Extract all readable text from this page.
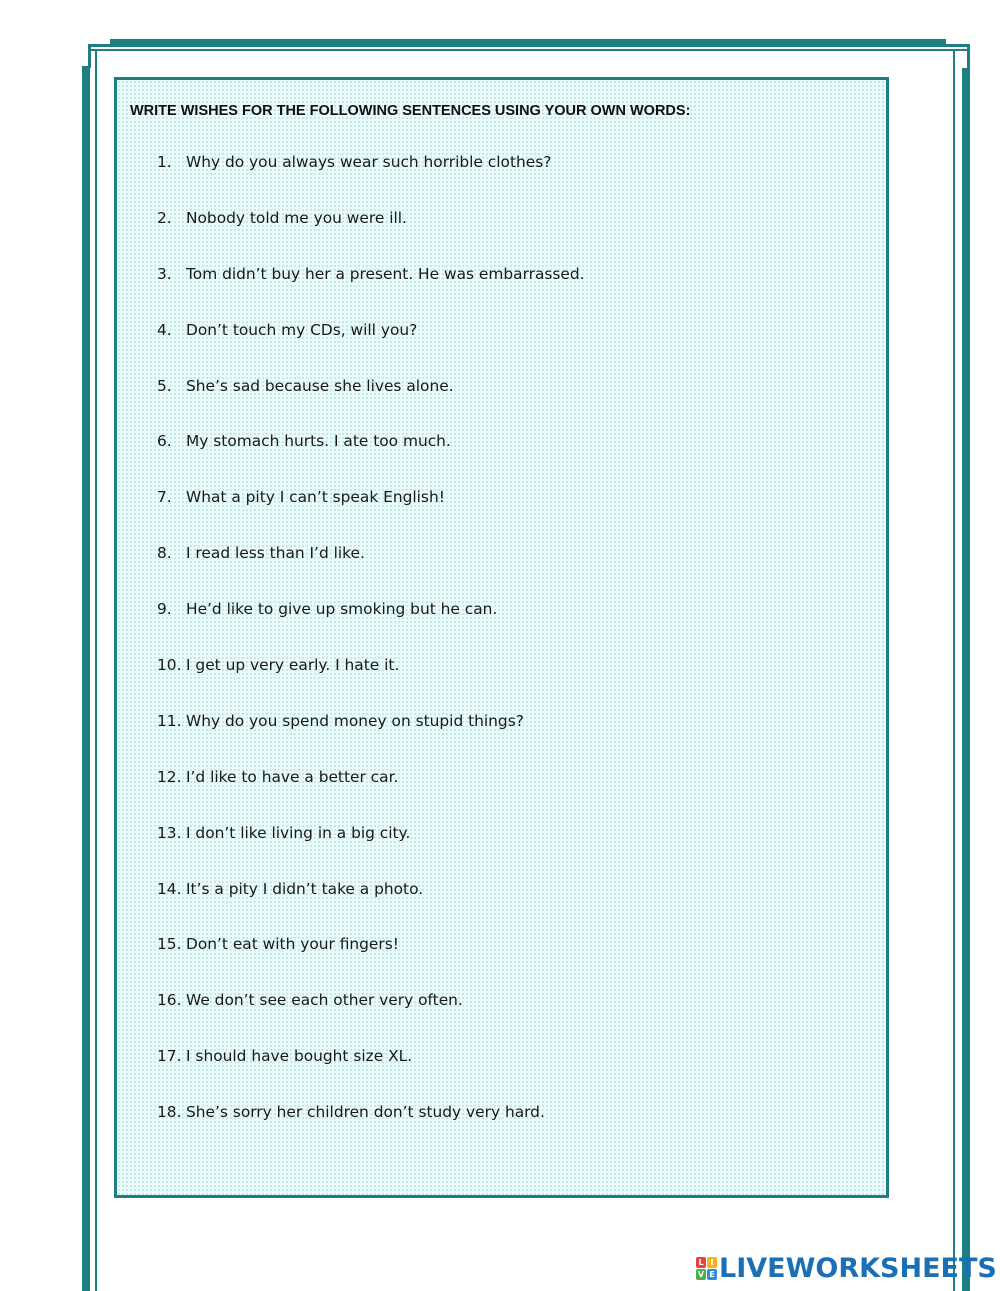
WRITE WISHES FOR THE FOLLOWING SENTENCES USING YOUR OWN WORDS:
1. Why do you always wear such horrible clothes?
2. Nobody told me you were ill.
3. Tom didn’t buy her a present. He was embarrassed.
4. Don’t touch my CDs, will you?
5. She’s sad because she lives alone.
6. My stomach hurts. I ate too much.
7. What a pity I can’t speak English!
8. I read less than I’d like.
9. He’d like to give up smoking but he can.
10. I get up very early. I hate it.
11. Why do you spend money on stupid things?
12. I’d like to have a better car.
13. I don’t like living in a big city.
14. It’s a pity I didn’t take a photo.
15. Don’t eat with your fingers!
16. We don’t see each other very often.
17. I should have bought size XL.
18. She’s sorry her children don’t study very hard.
L I
V E LIVEWORKSHEETS
